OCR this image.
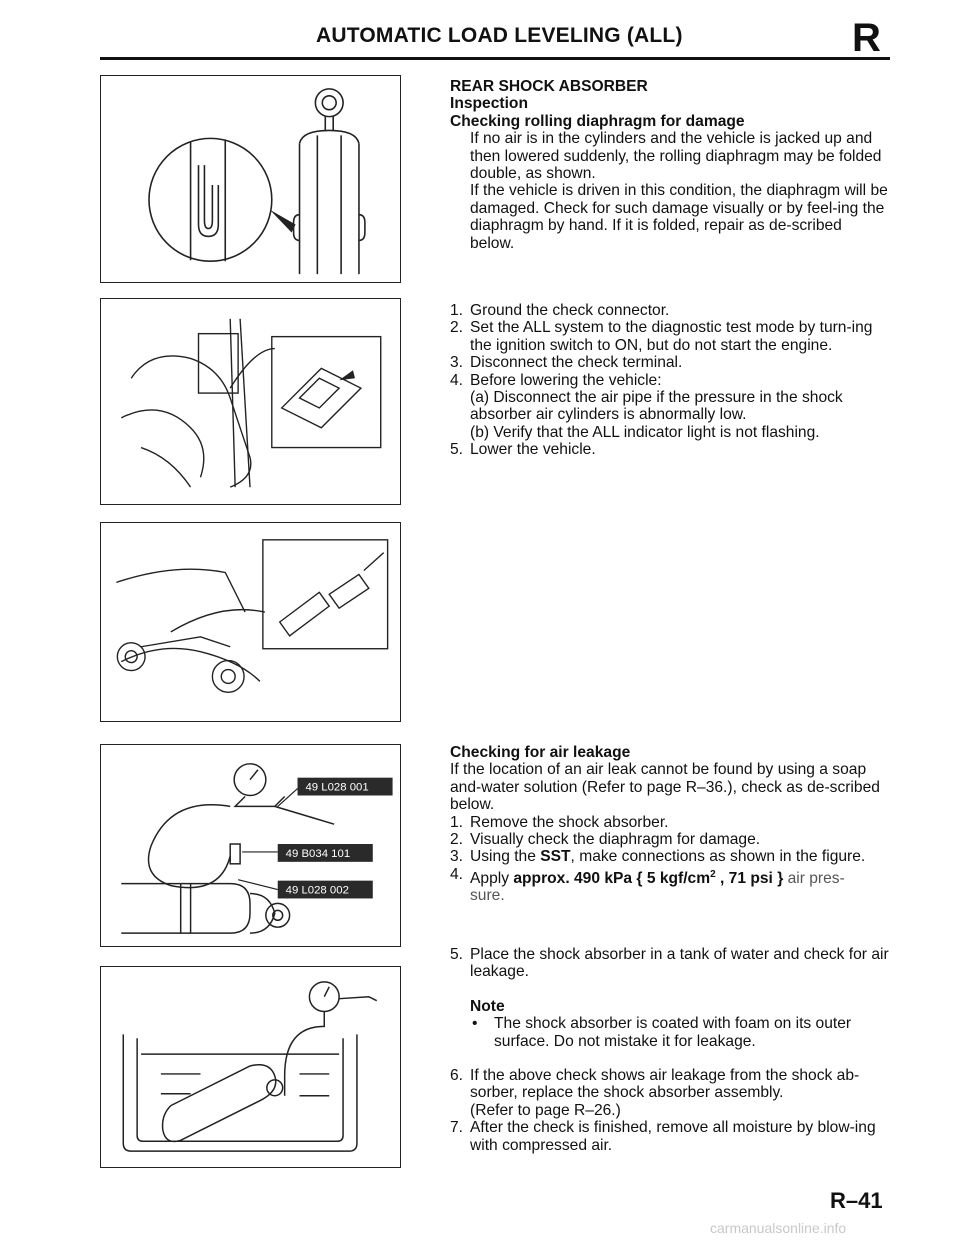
AUTOMATIC LOAD LEVELING (ALL)	R
49 L028 001
49 B034 101
49 L028 002

REAR SHOCK ABSORBER

Inspection

Checking rolling diaphragm for damage

If no air is in the cylinders and the vehicle is jacked up and then lowered suddenly, the rolling diaphragm may be folded double, as shown.

If the vehicle is driven in this condition, the diaphragm will be damaged. Check for such damage visually or by feel-ing the diaphragm by hand. If it is folded, repair as de-scribed below.

1. Ground the check connector.

2. Set the ALL system to the diagnostic test mode by turn-ing the ignition switch to ON, but do not start the engine.

3. Disconnect the check terminal.

4. Before lowering the vehicle:

(a) Disconnect the air pipe if the pressure in the shock absorber air cylinders is abnormally low.

(b) Verify that the ALL indicator light is not flashing.

5. Lower the vehicle.

Checking for air leakage

If the location of an air leak cannot be found by using a soap and-water solution (Refer to page R–36.), check as de-scribed below.

1. Remove the shock absorber.

2. Visually check the diaphragm for damage.

3. Using the SST, make connections as shown in the figure.

4. Apply approx. 490 kPa { 5 kgf/$cm^2$ , 71 psi } air pres-
sure.

5. Place the shock absorber in a tank of water and check for air leakage.

Note

• The shock absorber is coated with foam on its outer surface. Do not mistake it for leakage.

6. If the above check shows air leakage from the shock ab-sorber, replace the shock absorber assembly.
(Refer to page R–26.)

7. After the check is finished, remove all moisture by blow-ing with compressed air.

R–41
carmanualsonline.info
